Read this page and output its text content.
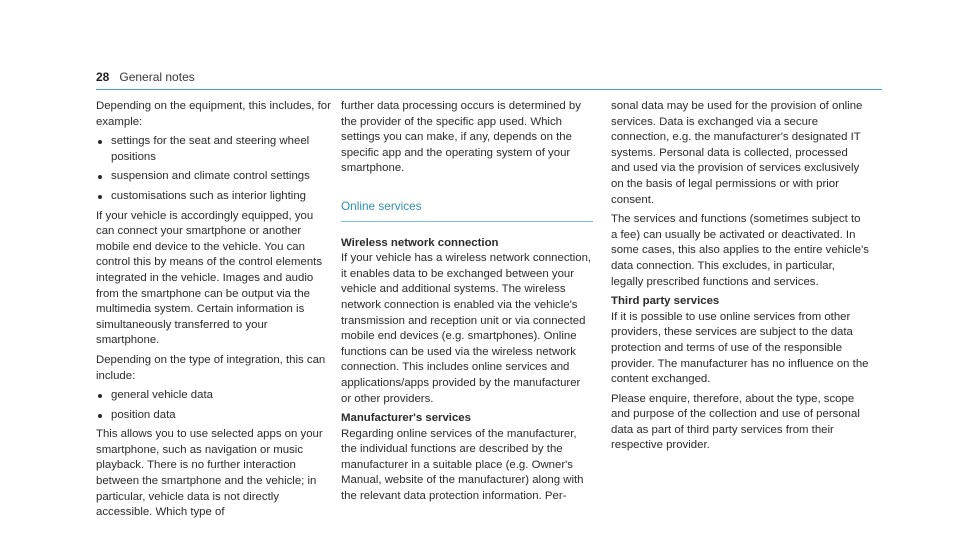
28 General notes

Depending on the equipment, this includes, for example:

settings for the seat and steering wheel positions
suspension and climate control settings
customisations such as interior lighting

If your vehicle is accordingly equipped, you can connect your smartphone or another mobile end device to the vehicle. You can control this by means of the control elements integrated in the vehicle. Images and audio from the smartphone can be output via the multimedia system. Certain information is simultaneously transferred to your smartphone.

Depending on the type of integration, this can include:

general vehicle data
position data

This allows you to use selected apps on your smartphone, such as navigation or music playback. There is no further interaction between the smartphone and the vehicle; in particular, vehicle data is not directly accessible. Which type of

further data processing occurs is determined by the provider of the specific app used. Which settings you can make, if any, depends on the specific app and the operating system of your smartphone.

Online services

Wireless network connection

If your vehicle has a wireless network connection, it enables data to be exchanged between your vehicle and additional systems. The wireless network connection is enabled via the vehicle's transmission and reception unit or via connected mobile end devices (e.g. smartphones). Online functions can be used via the wireless network connection. This includes online services and applications/apps provided by the manufacturer or other providers.

Manufacturer's services

Regarding online services of the manufacturer, the individual functions are described by the manufacturer in a suitable place (e.g. Owner's Manual, website of the manufacturer) along with the relevant data protection information. Per-

sonal data may be used for the provision of online services. Data is exchanged via a secure connection, e.g. the manufacturer's designated IT systems. Personal data is collected, processed and used via the provision of services exclusively on the basis of legal permissions or with prior consent.

The services and functions (sometimes subject to a fee) can usually be activated or deactivated. In some cases, this also applies to the entire vehicle's data connection. This excludes, in particular, legally prescribed functions and services.

Third party services

If it is possible to use online services from other providers, these services are subject to the data protection and terms of use of the responsible provider. The manufacturer has no influence on the content exchanged.

Please enquire, therefore, about the type, scope and purpose of the collection and use of personal data as part of third party services from their respective provider.
